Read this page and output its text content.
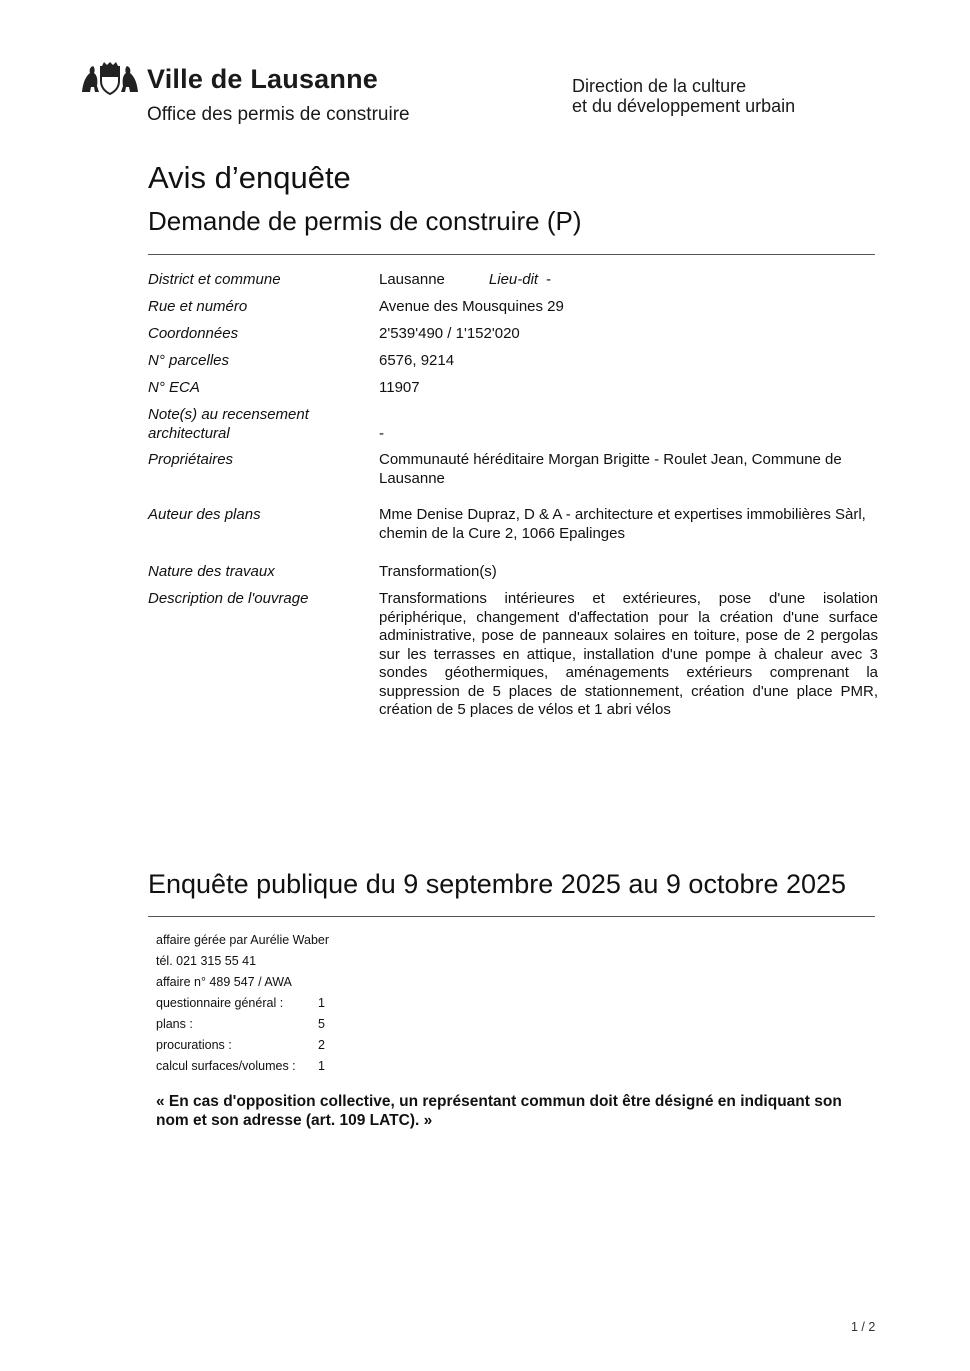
Ville de Lausanne
Office des permis de construire
Direction de la culture
et du développement urbain
Avis d’enquête
Demande de permis de construire (P)
District et commune	Lausanne Lieu-dit -
Rue et numéro	Avenue des Mousquines 29
Coordonnées	2'539'490 / 1'152'020
N° parcelles	6576, 9214
N° ECA	11907
Note(s) au recensement architectural	-
Propriétaires	Communauté héréditaire Morgan Brigitte - Roulet Jean, Commune de Lausanne
Auteur des plans	Mme Denise Dupraz, D & A - architecture et expertises immobilières Sàrl, chemin de la Cure 2, 1066 Epalinges
Nature des travaux	Transformation(s)
Description de l'ouvrage	Transformations intérieures et extérieures, pose d'une isolation périphérique, changement d'affectation pour la création d'une surface administrative, pose de panneaux solaires en toiture, pose de 2 pergolas sur les terrasses en attique, installation d'une pompe à chaleur avec 3 sondes géothermiques, aménagements extérieurs comprenant la suppression de 5 places de stationnement, création d'une place PMR, création de 5 places de vélos et 1 abri vélos
Enquête publique du 9 septembre 2025 au 9 octobre 2025
affaire gérée par Aurélie Waber
tél. 021 315 55 41
affaire n° 489 547 / AWA
questionnaire général :	1
plans :	5
procurations :	2
calcul surfaces/volumes : 1
« En cas d'opposition collective, un représentant commun doit être désigné en indiquant son nom et son adresse (art. 109 LATC). »
1 / 2
